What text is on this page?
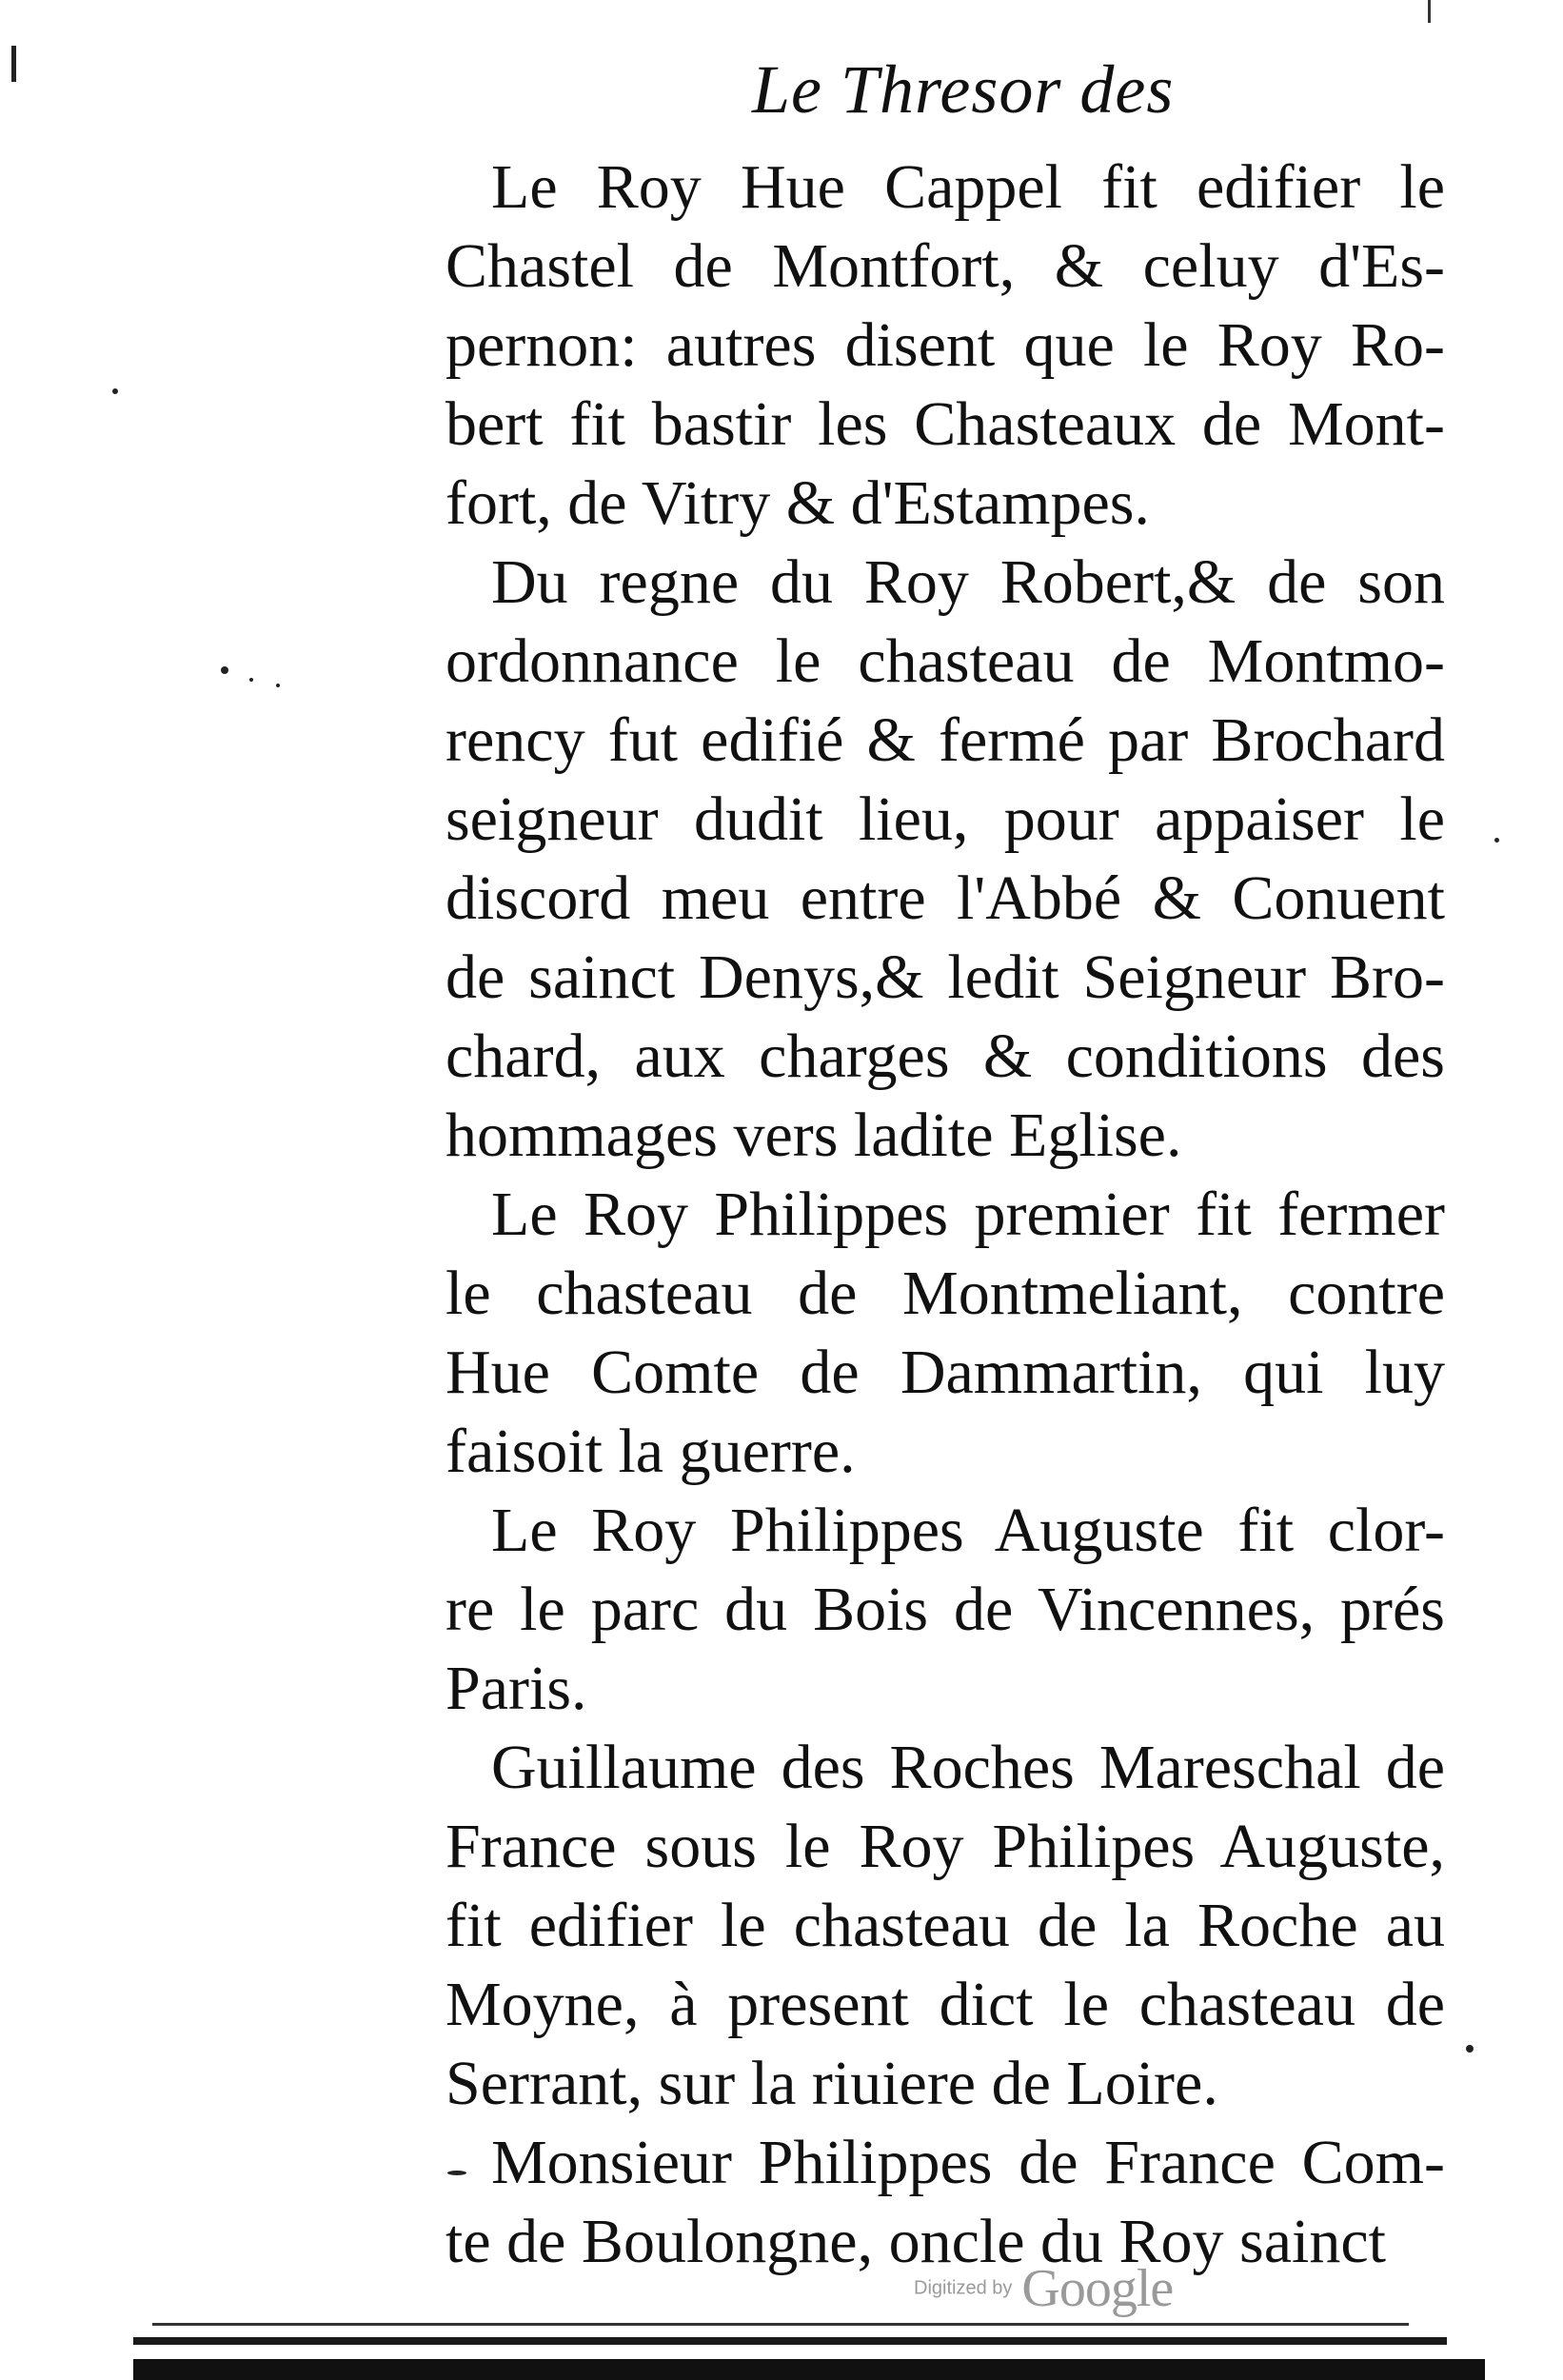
Le Thresor des
Le Roy Hue Cappel fit edifier le
Chastel de Montfort, & celuy d'Es-
pernon: autres disent que le Roy Ro-
bert fit bastir les Chasteaux de Mont-
fort, de Vitry & d'Estampes.
Du regne du Roy Robert,& de son
ordonnance le chasteau de Montmo-
rency fut edifié & fermé par Brochard
seigneur dudit lieu, pour appaiser le
discord meu entre l'Abbé & Conuent
de sainct Denys,& ledit Seigneur Bro-
chard, aux charges & conditions des
hommages vers ladite Eglise.
Le Roy Philippes premier fit fermer
le chasteau de Montmeliant, contre
Hue Comte de Dammartin, qui luy
faisoit la guerre.
Le Roy Philippes Auguste fit clor-
re le parc du Bois de Vincennes, prés
Paris.
Guillaume des Roches Mareschal de
France sous le Roy Philipes Auguste,
fit edifier le chasteau de la Roche au
Moyne, à present dict le chasteau de
Serrant, sur la riuiere de Loire.
Monsieur Philippes de France Com-
te de Boulongne, oncle du Roy sainct
Digitized by Google
